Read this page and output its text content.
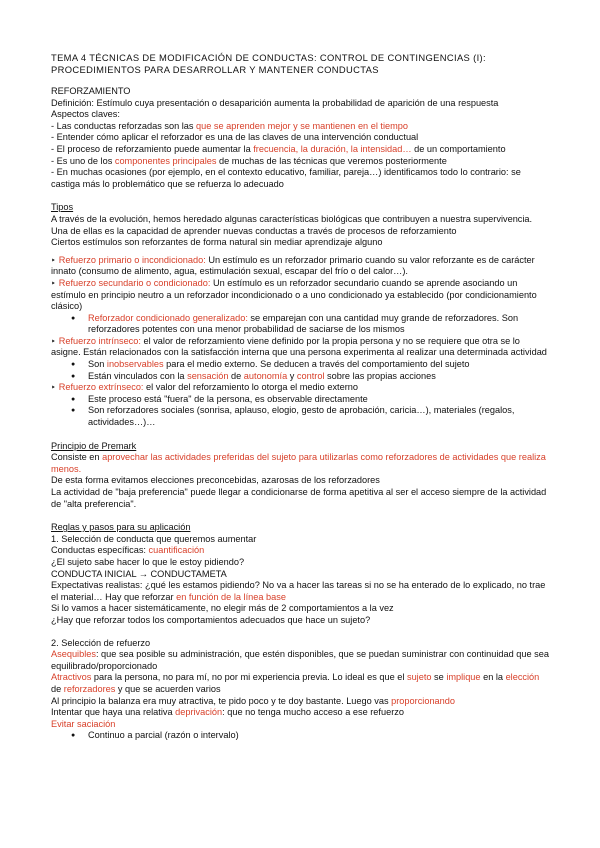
TEMA 4 TÉCNICAS DE MODIFICACIÓN DE CONDUCTAS: CONTROL DE CONTINGENCIAS (I): PROCEDIMIENTOS PARA DESARROLLAR Y MANTENER CONDUCTAS

REFORZAMIENTO

Definición: Estímulo cuya presentación o desaparición aumenta la probabilidad de aparición de una respuesta

Aspectos claves:

- Las conductas reforzadas son las que se aprenden mejor y se mantienen en el tiempo

- Entender cómo aplicar el reforzador es una de las claves de una intervención conductual

- El proceso de reforzamiento puede aumentar la frecuencia, la duración, la intensidad… de un comportamiento

- Es uno de los componentes principales de muchas de las técnicas que veremos posteriormente

- En muchas ocasiones (por ejemplo, en el contexto educativo, familiar, pareja…) identificamos todo lo contrario: se castiga más lo problemático que se refuerza lo adecuado

Tipos

A través de la evolución, hemos heredado algunas características biológicas que contribuyen a nuestra supervivencia. Una de ellas es la capacidad de aprender nuevas conductas a través de procesos de reforzamiento

Ciertos estímulos son reforzantes de forma natural sin mediar aprendizaje alguno

‣ Refuerzo primario o incondicionado: Un estímulo es un reforzador primario cuando su valor reforzante es de carácter innato (consumo de alimento, agua, estimulación sexual, escapar del frío o del calor…).

‣ Refuerzo secundario o condicionado: Un estímulo es un reforzador secundario cuando se aprende asociando un estímulo en principio neutro a un reforzador incondicionado o a uno condicionado ya establecido (por condicionamiento clásico)

● Reforzador condicionado generalizado: se emparejan con una cantidad muy grande de reforzadores. Son reforzadores potentes con una menor probabilidad de saciarse de los mismos

‣ Refuerzo intrínseco: el valor de reforzamiento viene definido por la propia persona y no se requiere que otra se lo asigne. Están relacionados con la satisfacción interna que una persona experimenta al realizar una determinada actividad

● Son inobservables para el medio externo. Se deducen a través del comportamiento del sujeto

● Están vinculados con la sensación de autonomía y control sobre las propias acciones

‣ Refuerzo extrínseco: el valor del reforzamiento lo otorga el medio externo

● Este proceso está "fuera" de la persona, es observable directamente

● Son reforzadores sociales (sonrisa, aplauso, elogio, gesto de aprobación, caricia…), materiales (regalos, actividades…)…

Principio de Premark

Consiste en aprovechar las actividades preferidas del sujeto para utilizarlas como reforzadores de actividades que realiza menos.

De esta forma evitamos elecciones preconcebidas, azarosas de los reforzadores

La actividad de "baja preferencia" puede llegar a condicionarse de forma apetitiva al ser el acceso siempre de la actividad de "alta preferencia".

Reglas y pasos para su aplicación

1. Selección de conducta que queremos aumentar

Conductas específicas: cuantificación

¿El sujeto sabe hacer lo que le estoy pidiendo?

CONDUCTA INICIAL → CONDUCTAMETA

Expectativas realistas: ¿qué les estamos pidiendo? No va a hacer las tareas si no se ha enterado de lo explicado, no trae el material… Hay que reforzar en función de la línea base

Si lo vamos a hacer sistemáticamente, no elegir más de 2 comportamientos a la vez

¿Hay que reforzar todos los comportamientos adecuados que hace un sujeto?

2. Selección de refuerzo

Asequibles: que sea posible su administración, que estén disponibles, que se puedan suministrar con continuidad que sea equilibrado/proporcionado

Atractivos para la persona, no para mí, no por mi experiencia previa. Lo ideal es que el sujeto se implique en la elección de reforzadores y que se acuerden varios

Al principio la balanza era muy atractiva, te pido poco y te doy bastante. Luego vas proporcionando

Intentar que haya una relativa deprivación: que no tenga mucho acceso a ese refuerzo

Evitar saciación

● Continuo a parcial (razón o intervalo)
